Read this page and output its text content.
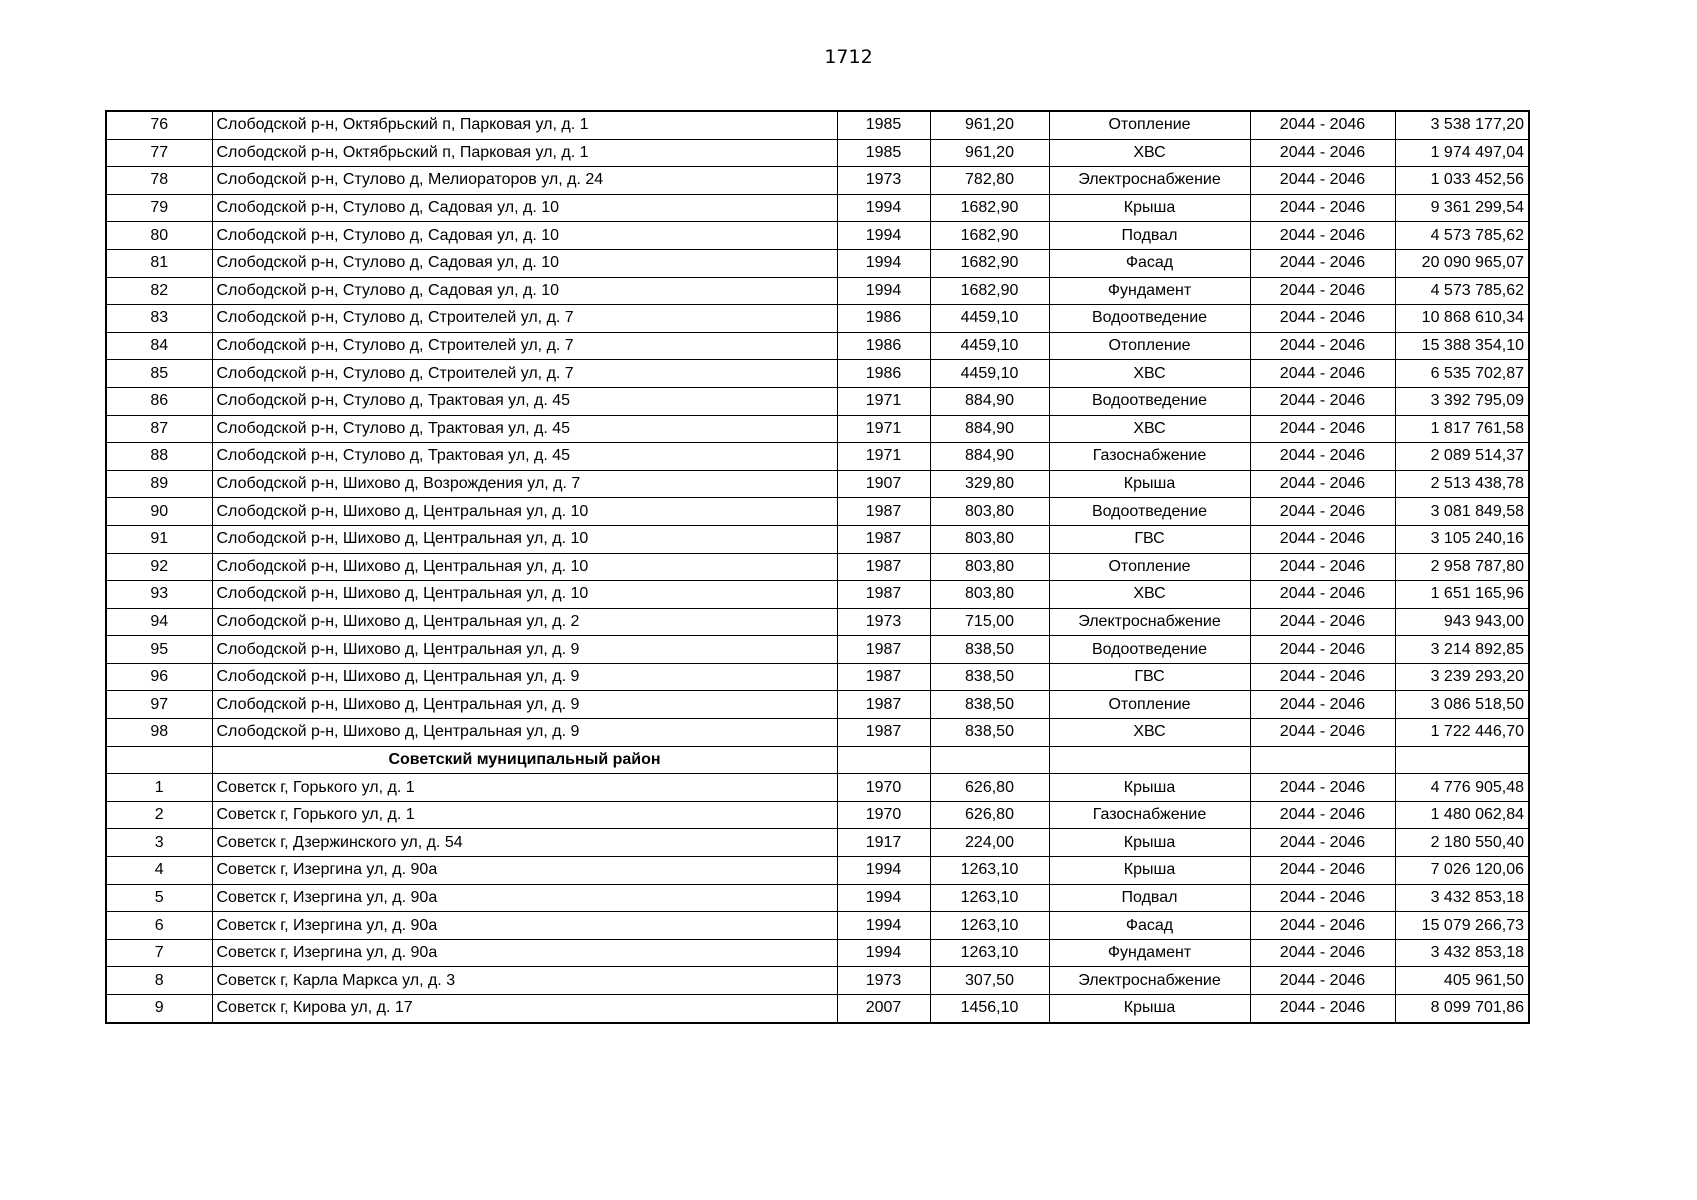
1712
76	Слободской р-н, Октябрьский п, Парковая ул, д. 1	1985	961,20	Отопление	2044 - 2046	3 538 177,20
77	Слободской р-н, Октябрьский п, Парковая ул, д. 1	1985	961,20	ХВС	2044 - 2046	1 974 497,04
78	Слободской р-н, Стулово д, Мелиораторов ул, д. 24	1973	782,80	Электроснабжение	2044 - 2046	1 033 452,56
79	Слободской р-н, Стулово д, Садовая ул, д. 10	1994	1682,90	Крыша	2044 - 2046	9 361 299,54
80	Слободской р-н, Стулово д, Садовая ул, д. 10	1994	1682,90	Подвал	2044 - 2046	4 573 785,62
81	Слободской р-н, Стулово д, Садовая ул, д. 10	1994	1682,90	Фасад	2044 - 2046	20 090 965,07
82	Слободской р-н, Стулово д, Садовая ул, д. 10	1994	1682,90	Фундамент	2044 - 2046	4 573 785,62
83	Слободской р-н, Стулово д, Строителей ул, д. 7	1986	4459,10	Водоотведение	2044 - 2046	10 868 610,34
84	Слободской р-н, Стулово д, Строителей ул, д. 7	1986	4459,10	Отопление	2044 - 2046	15 388 354,10
85	Слободской р-н, Стулово д, Строителей ул, д. 7	1986	4459,10	ХВС	2044 - 2046	6 535 702,87
86	Слободской р-н, Стулово д, Трактовая ул, д. 45	1971	884,90	Водоотведение	2044 - 2046	3 392 795,09
87	Слободской р-н, Стулово д, Трактовая ул, д. 45	1971	884,90	ХВС	2044 - 2046	1 817 761,58
88	Слободской р-н, Стулово д, Трактовая ул, д. 45	1971	884,90	Газоснабжение	2044 - 2046	2 089 514,37
89	Слободской р-н, Шихово д, Возрождения ул, д. 7	1907	329,80	Крыша	2044 - 2046	2 513 438,78
90	Слободской р-н, Шихово д, Центральная ул, д. 10	1987	803,80	Водоотведение	2044 - 2046	3 081 849,58
91	Слободской р-н, Шихово д, Центральная ул, д. 10	1987	803,80	ГВС	2044 - 2046	3 105 240,16
92	Слободской р-н, Шихово д, Центральная ул, д. 10	1987	803,80	Отопление	2044 - 2046	2 958 787,80
93	Слободской р-н, Шихово д, Центральная ул, д. 10	1987	803,80	ХВС	2044 - 2046	1 651 165,96
94	Слободской р-н, Шихово д, Центральная ул, д. 2	1973	715,00	Электроснабжение	2044 - 2046	943 943,00
95	Слободской р-н, Шихово д, Центральная ул, д. 9	1987	838,50	Водоотведение	2044 - 2046	3 214 892,85
96	Слободской р-н, Шихово д, Центральная ул, д. 9	1987	838,50	ГВС	2044 - 2046	3 239 293,20
97	Слободской р-н, Шихово д, Центральная ул, д. 9	1987	838,50	Отопление	2044 - 2046	3 086 518,50
98	Слободской р-н, Шихово д, Центральная ул, д. 9	1987	838,50	ХВС	2044 - 2046	1 722 446,70
	Советский муниципальный район					
1	Советск г, Горького ул, д. 1	1970	626,80	Крыша	2044 - 2046	4 776 905,48
2	Советск г, Горького ул, д. 1	1970	626,80	Газоснабжение	2044 - 2046	1 480 062,84
3	Советск г, Дзержинского ул, д. 54	1917	224,00	Крыша	2044 - 2046	2 180 550,40
4	Советск г, Изергина ул, д. 90а	1994	1263,10	Крыша	2044 - 2046	7 026 120,06
5	Советск г, Изергина ул, д. 90а	1994	1263,10	Подвал	2044 - 2046	3 432 853,18
6	Советск г, Изергина ул, д. 90а	1994	1263,10	Фасад	2044 - 2046	15 079 266,73
7	Советск г, Изергина ул, д. 90а	1994	1263,10	Фундамент	2044 - 2046	3 432 853,18
8	Советск г, Карла Маркса ул, д. 3	1973	307,50	Электроснабжение	2044 - 2046	405 961,50
9	Советск г, Кирова ул, д. 17	2007	1456,10	Крыша	2044 - 2046	8 099 701,86
